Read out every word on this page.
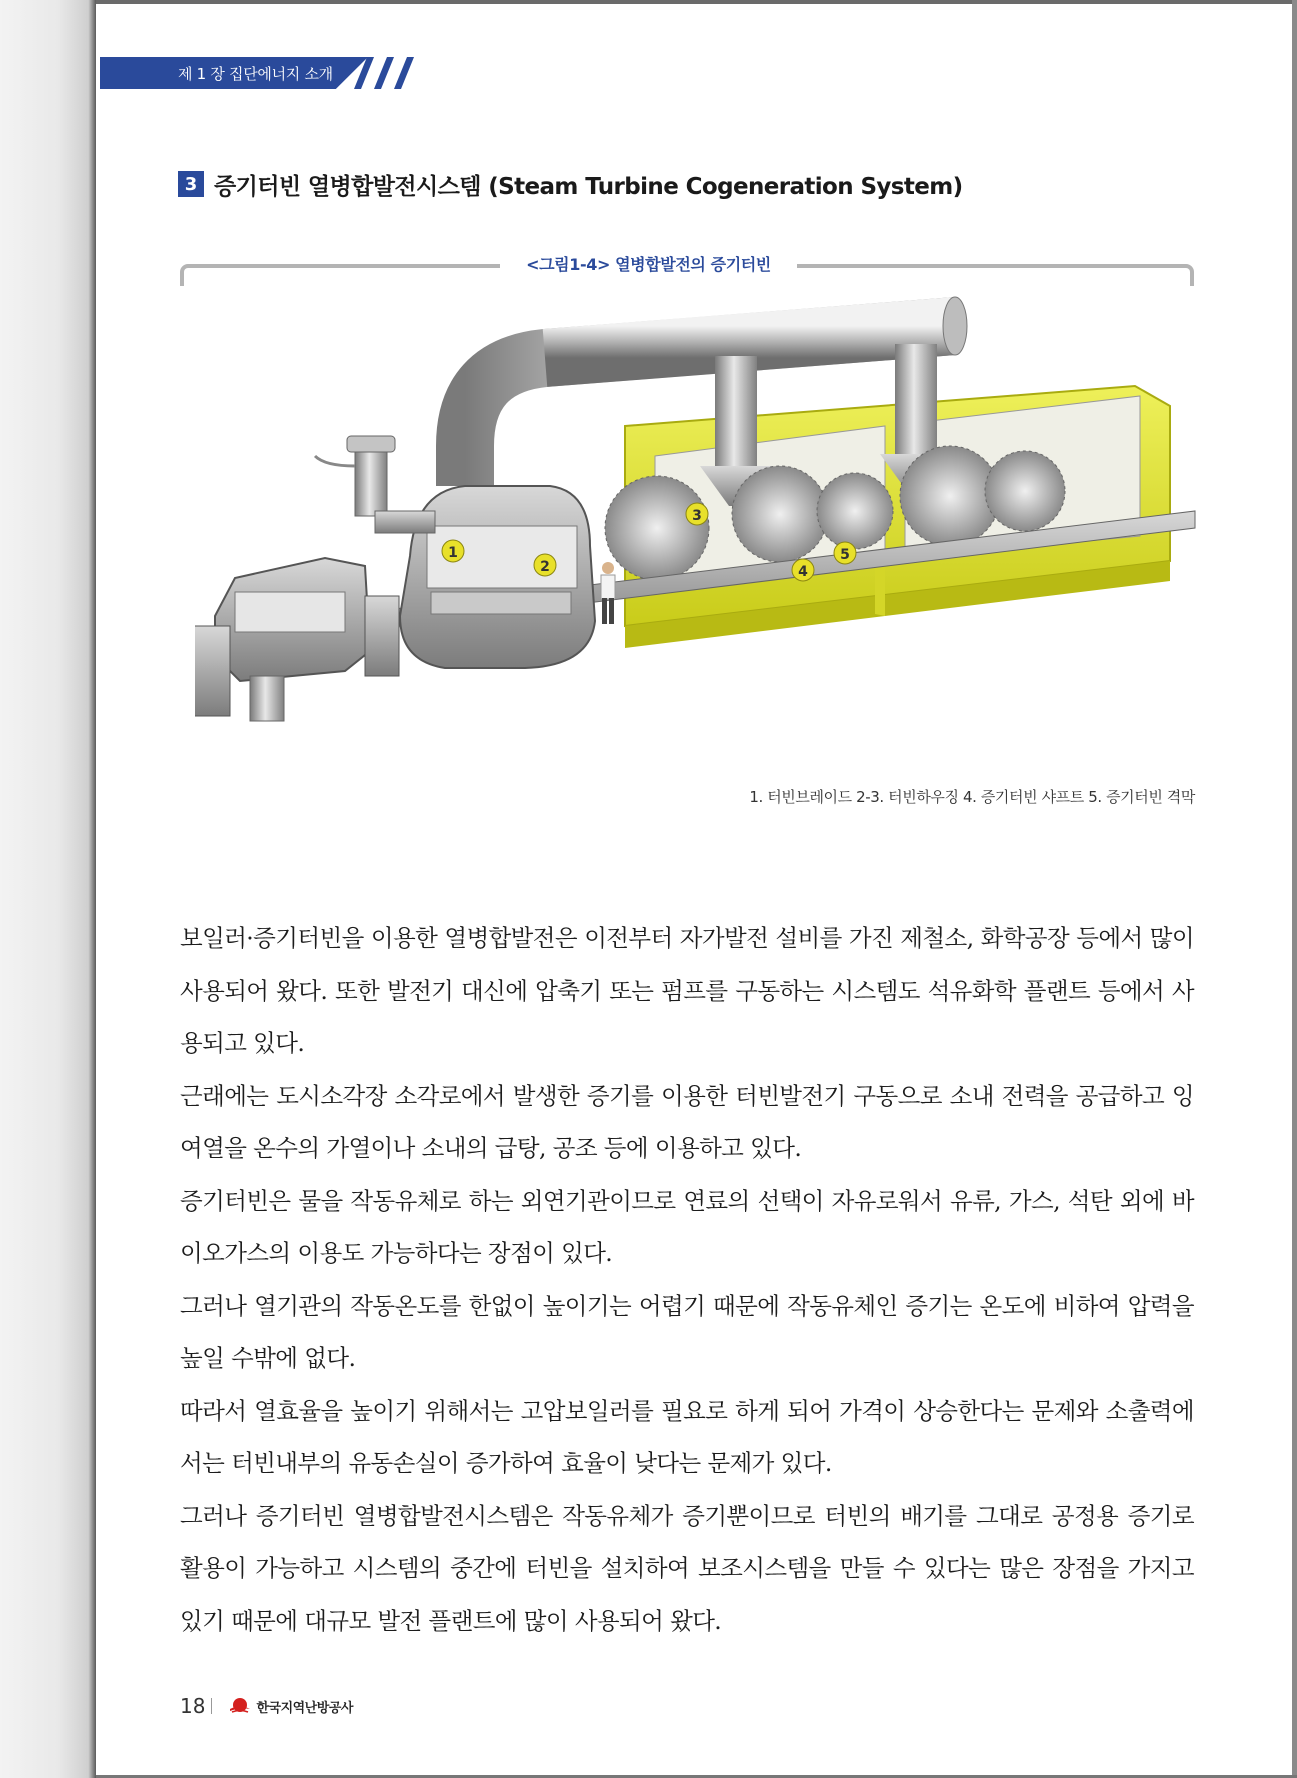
제 1 장 집단에너지 소개
3 증기터빈 열병합발전시스템 (Steam Turbine Cogeneration System)
<그림1-4> 열병합발전의 증기터빈
1
2
3
4
5
1. 터빈브레이드 2-3. 터빈하우징 4. 증기터빈 샤프트 5. 증기터빈 격막

보일러·증기터빈을 이용한 열병합발전은 이전부터 자가발전 설비를 가진 제철소, 화학공장 등에서 많이 사용되어 왔다. 또한 발전기 대신에 압축기 또는 펌프를 구동하는 시스템도 석유화학 플랜트 등에서 사용되고 있다.

근래에는 도시소각장 소각로에서 발생한 증기를 이용한 터빈발전기 구동으로 소내 전력을 공급하고 잉여열을 온수의 가열이나 소내의 급탕, 공조 등에 이용하고 있다.

증기터빈은 물을 작동유체로 하는 외연기관이므로 연료의 선택이 자유로워서 유류, 가스, 석탄 외에 바이오가스의 이용도 가능하다는 장점이 있다.

그러나 열기관의 작동온도를 한없이 높이기는 어렵기 때문에 작동유체인 증기는 온도에 비하여 압력을 높일 수밖에 없다.

따라서 열효율을 높이기 위해서는 고압보일러를 필요로 하게 되어 가격이 상승한다는 문제와 소출력에서는 터빈내부의 유동손실이 증가하여 효율이 낮다는 문제가 있다.

그러나 증기터빈 열병합발전시스템은 작동유체가 증기뿐이므로 터빈의 배기를 그대로 공정용 증기로 활용이 가능하고 시스템의 중간에 터빈을 설치하여 보조시스템을 만들 수 있다는 많은 장점을 가지고 있기 때문에 대규모 발전 플랜트에 많이 사용되어 왔다.

18	한국지역난방공사
